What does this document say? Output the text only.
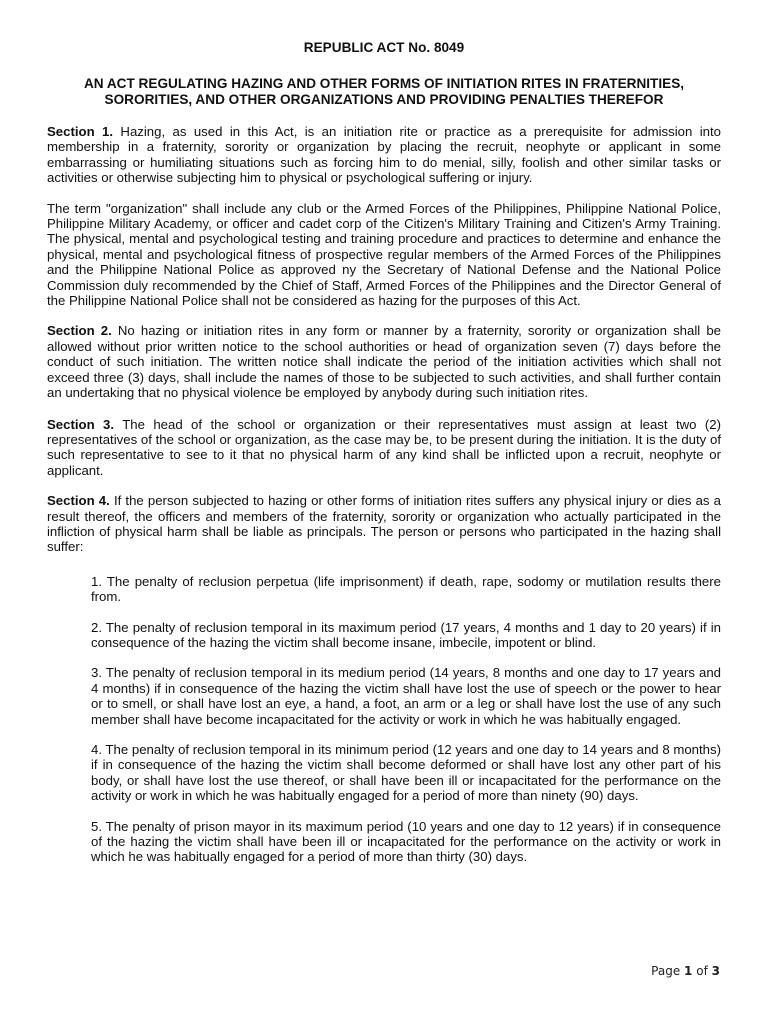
REPUBLIC ACT No. 8049
AN ACT REGULATING HAZING AND OTHER FORMS OF INITIATION RITES IN FRATERNITIES,
SORORITIES, AND OTHER ORGANIZATIONS AND PROVIDING PENALTIES THEREFOR

Section 1. Hazing, as used in this Act, is an initiation rite or practice as a prerequisite for admission into membership in a fraternity, sorority or organization by placing the recruit, neophyte or applicant in some embarrassing or humiliating situations such as forcing him to do menial, silly, foolish and other similar tasks or activities or otherwise subjecting him to physical or psychological suffering or injury.

The term "organization" shall include any club or the Armed Forces of the Philippines, Philippine National Police, Philippine Military Academy, or officer and cadet corp of the Citizen's Military Training and Citizen's Army Training. The physical, mental and psychological testing and training procedure and practices to determine and enhance the physical, mental and psychological fitness of prospective regular members of the Armed Forces of the Philippines and the Philippine National Police as approved ny the Secretary of National Defense and the National Police Commission duly recommended by the Chief of Staff, Armed Forces of the Philippines and the Director General of the Philippine National Police shall not be considered as hazing for the purposes of this Act.

Section 2. No hazing or initiation rites in any form or manner by a fraternity, sorority or organization shall be allowed without prior written notice to the school authorities or head of organization seven (7) days before the conduct of such initiation. The written notice shall indicate the period of the initiation activities which shall not exceed three (3) days, shall include the names of those to be subjected to such activities, and shall further contain an undertaking that no physical violence be employed by anybody during such initiation rites.

Section 3. The head of the school or organization or their representatives must assign at least two (2) representatives of the school or organization, as the case may be, to be present during the initiation. It is the duty of such representative to see to it that no physical harm of any kind shall be inflicted upon a recruit, neophyte or applicant.

Section 4. If the person subjected to hazing or other forms of initiation rites suffers any physical injury or dies as a result thereof, the officers and members of the fraternity, sorority or organization who actually participated in the infliction of physical harm shall be liable as principals. The person or persons who participated in the hazing shall suffer:

1. The penalty of reclusion perpetua (life imprisonment) if death, rape, sodomy or mutilation results there from.

2. The penalty of reclusion temporal in its maximum period (17 years, 4 months and 1 day to 20 years) if in consequence of the hazing the victim shall become insane, imbecile, impotent or blind.

3. The penalty of reclusion temporal in its medium period (14 years, 8 months and one day to 17 years and 4 months) if in consequence of the hazing the victim shall have lost the use of speech or the power to hear or to smell, or shall have lost an eye, a hand, a foot, an arm or a leg or shall have lost the use of any such member shall have become incapacitated for the activity or work in which he was habitually engaged.

4. The penalty of reclusion temporal in its minimum period (12 years and one day to 14 years and 8 months) if in consequence of the hazing the victim shall become deformed or shall have lost any other part of his body, or shall have lost the use thereof, or shall have been ill or incapacitated for the performance on the activity or work in which he was habitually engaged for a period of more than ninety (90) days.

5. The penalty of prison mayor in its maximum period (10 years and one day to 12 years) if in consequence of the hazing the victim shall have been ill or incapacitated for the performance on the activity or work in which he was habitually engaged for a period of more than thirty (30) days.

Page 1 of 3
